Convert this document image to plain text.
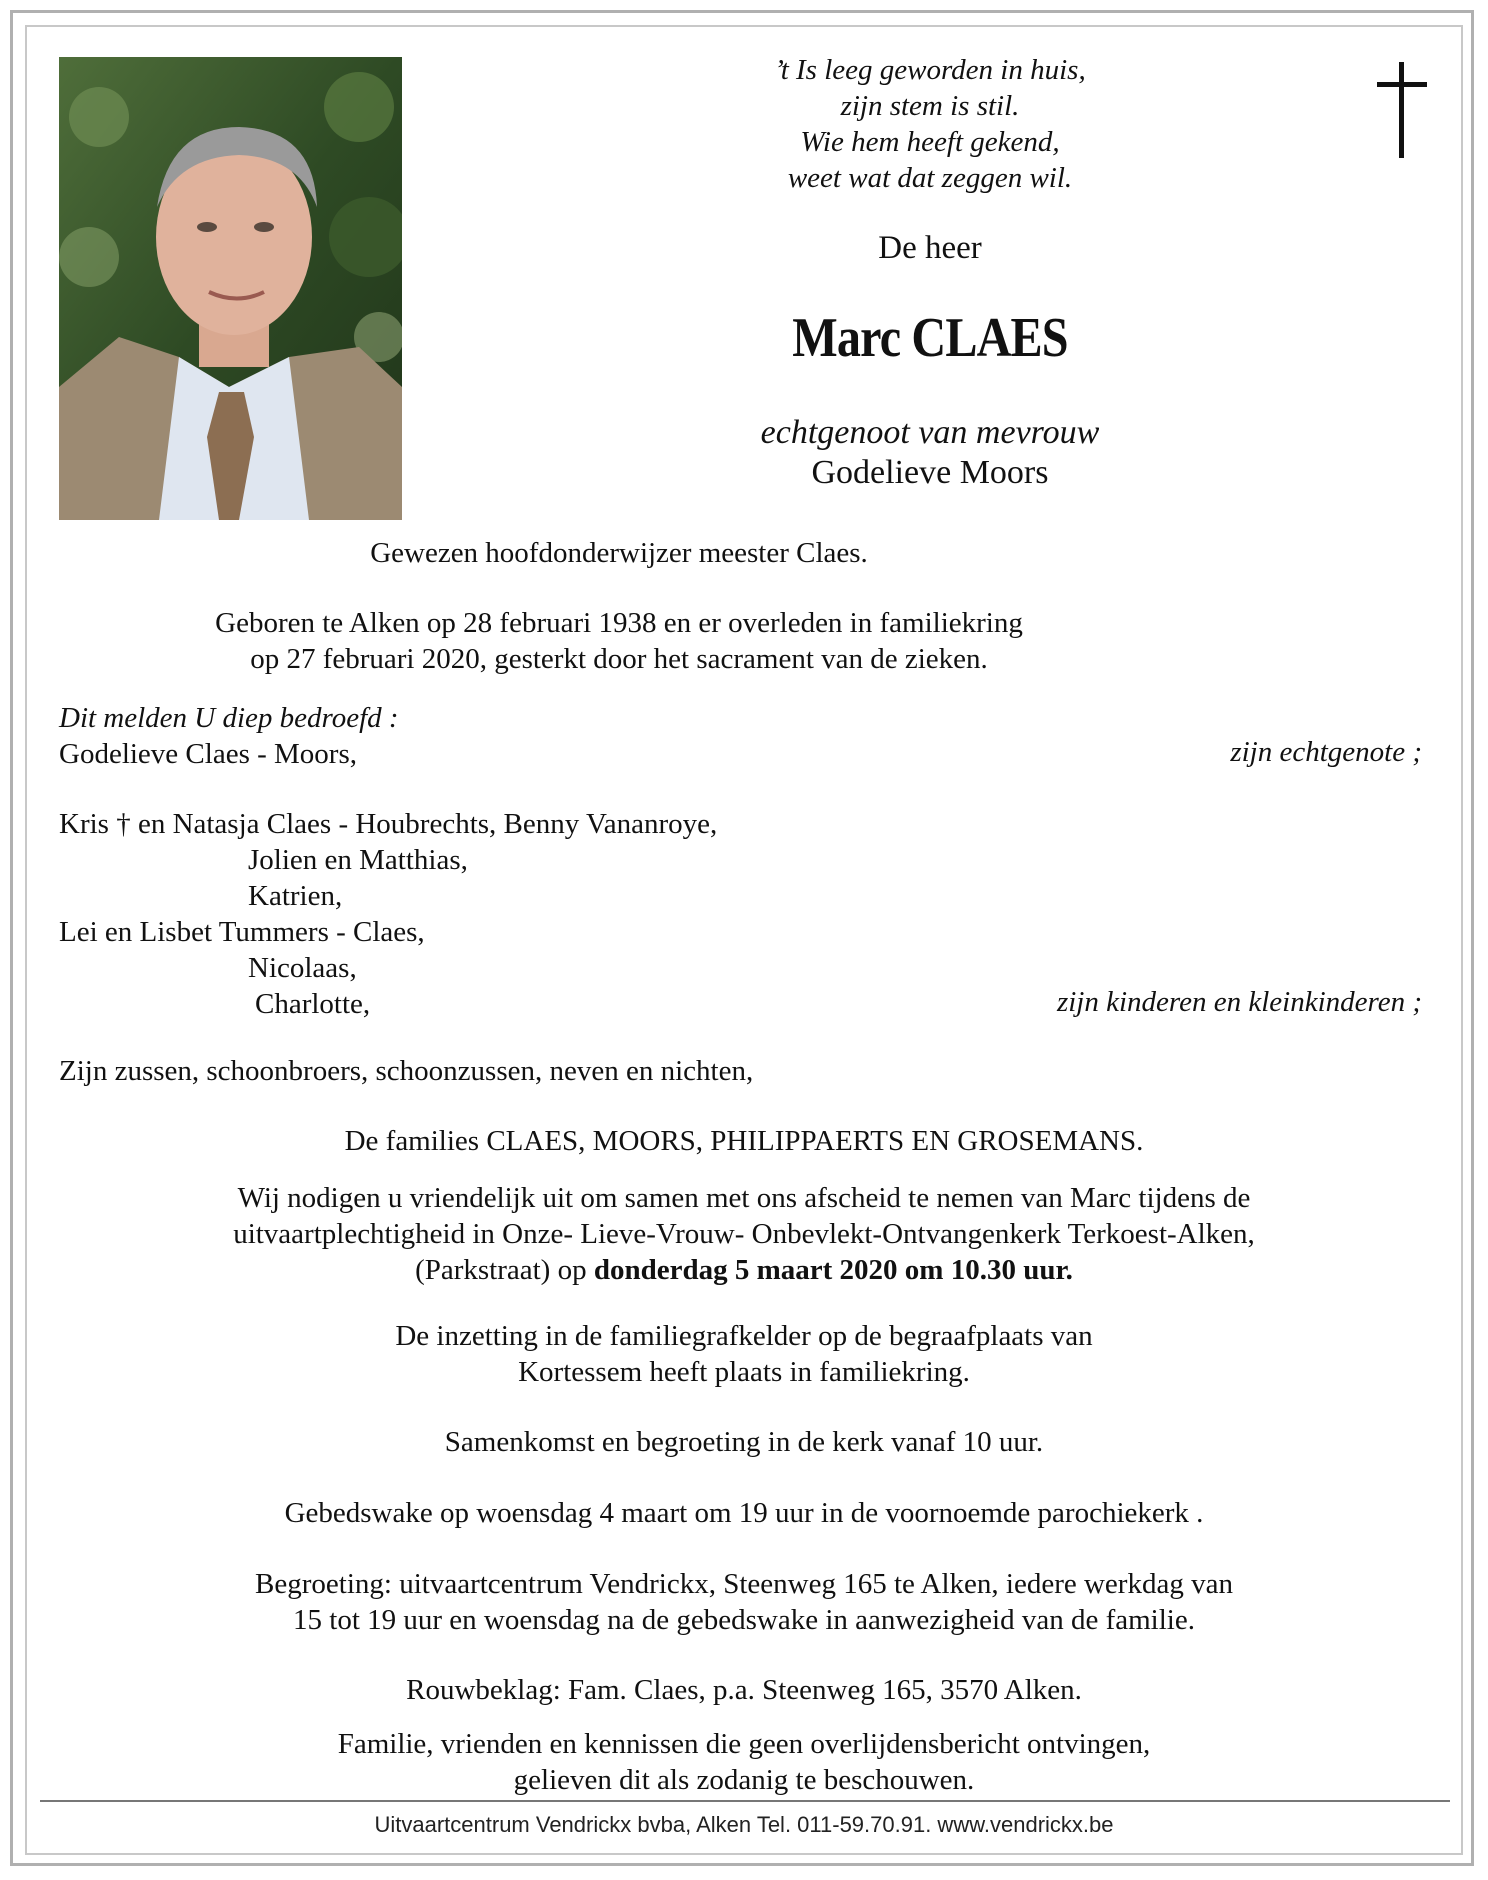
’t Is leeg geworden in huis,
zijn stem is stil.
Wie hem heeft gekend,
weet wat dat zeggen wil.
De heer
Marc CLAES
echtgenoot van mevrouw
Godelieve Moors
Gewezen hoofdonderwijzer meester Claes.
Geboren te Alken op 28 februari 1938 en er overleden in familiekring
op 27 februari 2020, gesterkt door het sacrament van de zieken.
Dit melden U diep bedroefd :
Godelieve Claes - Moors,	zijn echtgenote ;
Kris † en Natasja Claes - Houbrechts, Benny Vananroye,
Jolien en Matthias,
Katrien,
Lei en Lisbet Tummers - Claes,
Nicolaas,
Charlotte,	zijn kinderen en kleinkinderen ;
Zijn zussen, schoonbroers, schoonzussen, neven en nichten,
De families CLAES, MOORS, PHILIPPAERTS EN GROSEMANS.
Wij nodigen u vriendelijk uit om samen met ons afscheid te nemen van Marc tijdens de
uitvaartplechtigheid in Onze- Lieve-Vrouw- Onbevlekt-Ontvangenkerk Terkoest-Alken,
(Parkstraat) op donderdag 5 maart 2020 om 10.30 uur.
De inzetting in de familiegrafkelder op de begraafplaats van
Kortessem heeft plaats in familiekring.
Samenkomst en begroeting in de kerk vanaf 10 uur.
Gebedswake op woensdag 4 maart om 19 uur in de voornoemde parochiekerk .
Begroeting: uitvaartcentrum Vendrickx, Steenweg 165 te Alken, iedere werkdag van
15 tot 19 uur en woensdag na de gebedswake in aanwezigheid van de familie.
Rouwbeklag: Fam. Claes, p.a. Steenweg 165, 3570 Alken.
Familie, vrienden en kennissen die geen overlijdensbericht ontvingen,
gelieven dit als zodanig te beschouwen.
Uitvaartcentrum Vendrickx bvba, Alken Tel. 011-59.70.91. www.vendrickx.be
